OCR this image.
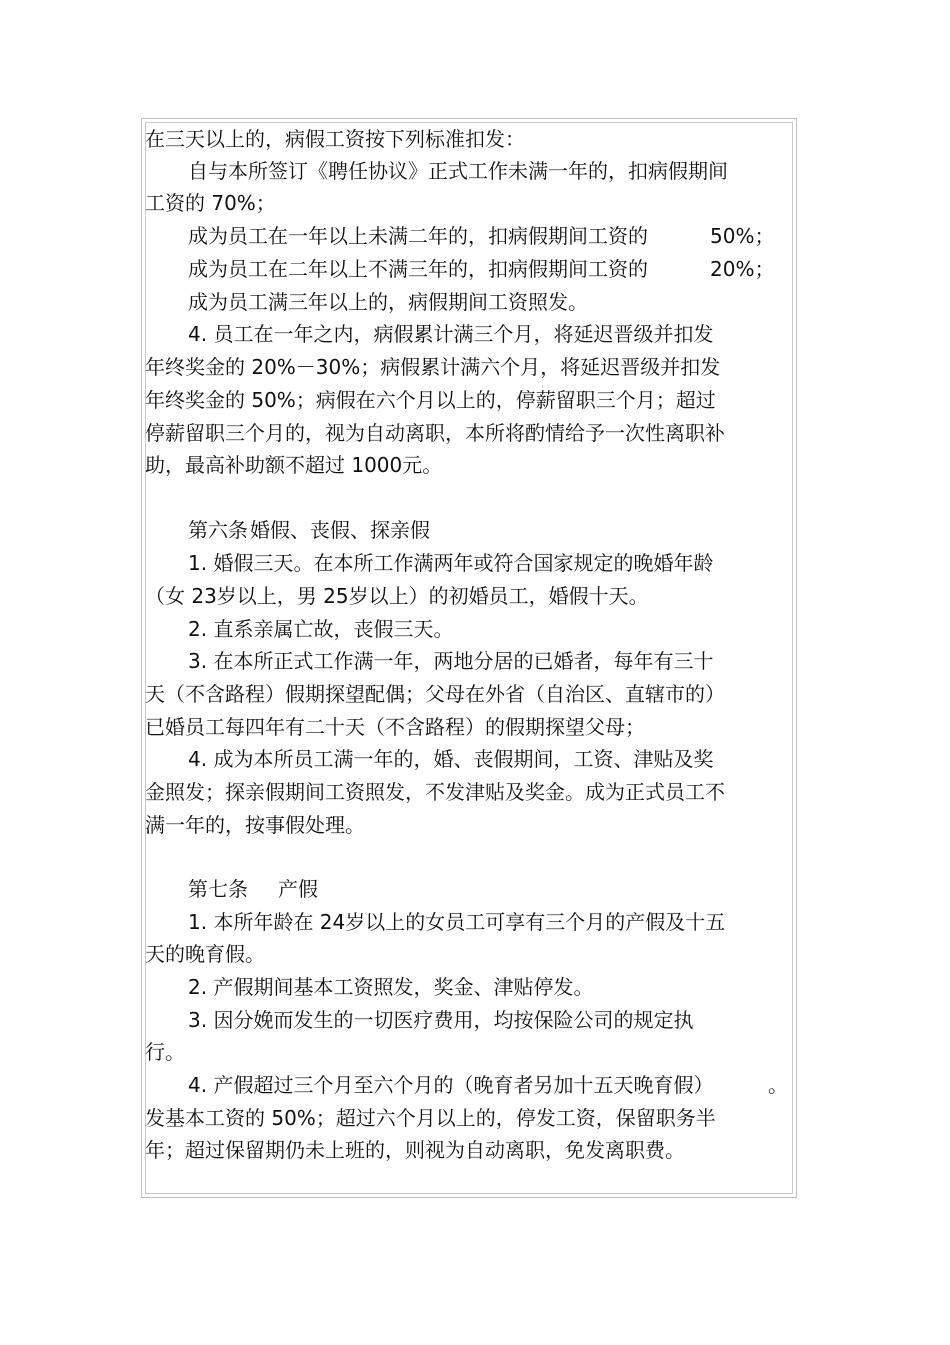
在三天以上的，病假工资按下列标准扣发：

自与本所签订《聘任协议》正式工作未满一年的，扣病假期间

工资的 70%；

成为员工在一年以上未满二年的，扣病假期间工资的	50%；

成为员工在二年以上不满三年的，扣病假期间工资的	20%；

成为员工满三年以上的，病假期间工资照发。

4. 员工在一年之内，病假累计满三个月，将延迟晋级并扣发

年终奖金的 20%－30%；病假累计满六个月，将延迟晋级并扣发

年终奖金的 50%；病假在六个月以上的，停薪留职三个月；超过

停薪留职三个月的，视为自动离职，本所将酌情给予一次性离职补

助，最高补助额不超过 1000元。

第六条 婚假、丧假、探亲假

1. 婚假三天。在本所工作满两年或符合国家规定的晚婚年龄

（女 23岁以上，男 25岁以上）的初婚员工，婚假十天。

2. 直系亲属亡故，丧假三天。

3. 在本所正式工作满一年，两地分居的已婚者，每年有三十

天（不含路程）假期探望配偶；父母在外省（自治区、直辖市的）

已婚员工每四年有二十天（不含路程）的假期探望父母；

4. 成为本所员工满一年的，婚、丧假期间，工资、津贴及奖

金照发；探亲假期间工资照发，不发津贴及奖金。成为正式员工不

满一年的，按事假处理。

第七条 产假

1. 本所年龄在 24岁以上的女员工可享有三个月的产假及十五

天的晚育假。

2. 产假期间基本工资照发，奖金、津贴停发。

3. 因分娩而发生的一切医疗费用，均按保险公司的规定执

行。

4. 产假超过三个月至六个月的（晚育者另加十五天晚育假）	。

发基本工资的 50%；超过六个月以上的，停发工资，保留职务半

年；超过保留期仍未上班的，则视为自动离职，免发离职费。
